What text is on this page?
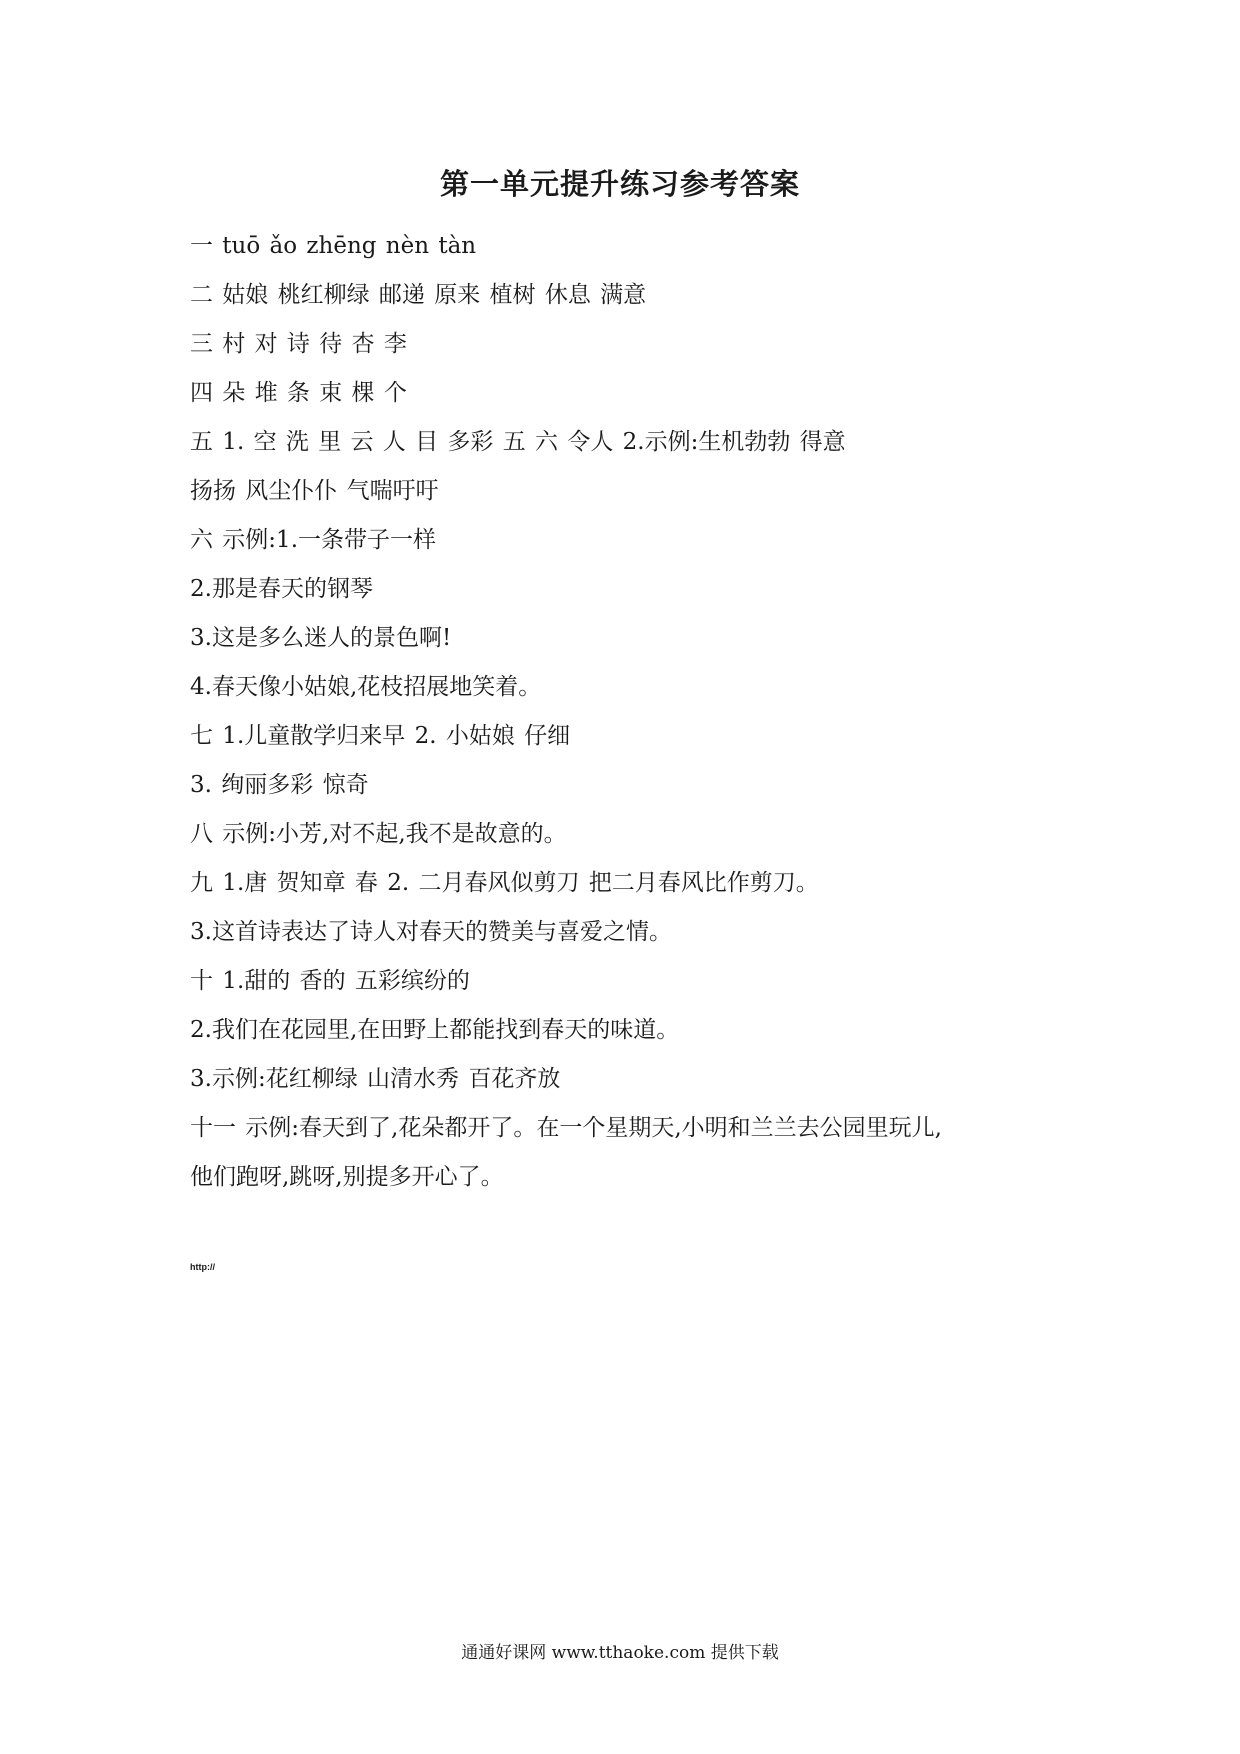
第一单元提升练习参考答案
一 tuō ǎo zhēng nèn tàn
二 姑娘 桃红柳绿 邮递 原来 植树 休息 满意
三 村 对 诗 待 杏 李
四 朵 堆 条 束 棵 个
五 1. 空 洗 里 云 人 目 多彩 五 六 令人 2.示例:生机勃勃 得意
扬扬 风尘仆仆 气喘吁吁
六 示例:1.一条带子一样
2.那是春天的钢琴
3.这是多么迷人的景色啊!
4.春天像小姑娘,花枝招展地笑着。
七 1.儿童散学归来早 2. 小姑娘 仔细
3. 绚丽多彩 惊奇
八 示例:小芳,对不起,我不是故意的。
九 1.唐 贺知章 春 2. 二月春风似剪刀 把二月春风比作剪刀。
3.这首诗表达了诗人对春天的赞美与喜爱之情。
十 1.甜的 香的 五彩缤纷的
2.我们在花园里,在田野上都能找到春天的味道。
3.示例:花红柳绿 山清水秀 百花齐放
十一 示例:春天到了,花朵都开了。在一个星期天,小明和兰兰去公园里玩儿,
他们跑呀,跳呀,别提多开心了。
http://
通通好课网 www.tthaoke.com 提供下载
